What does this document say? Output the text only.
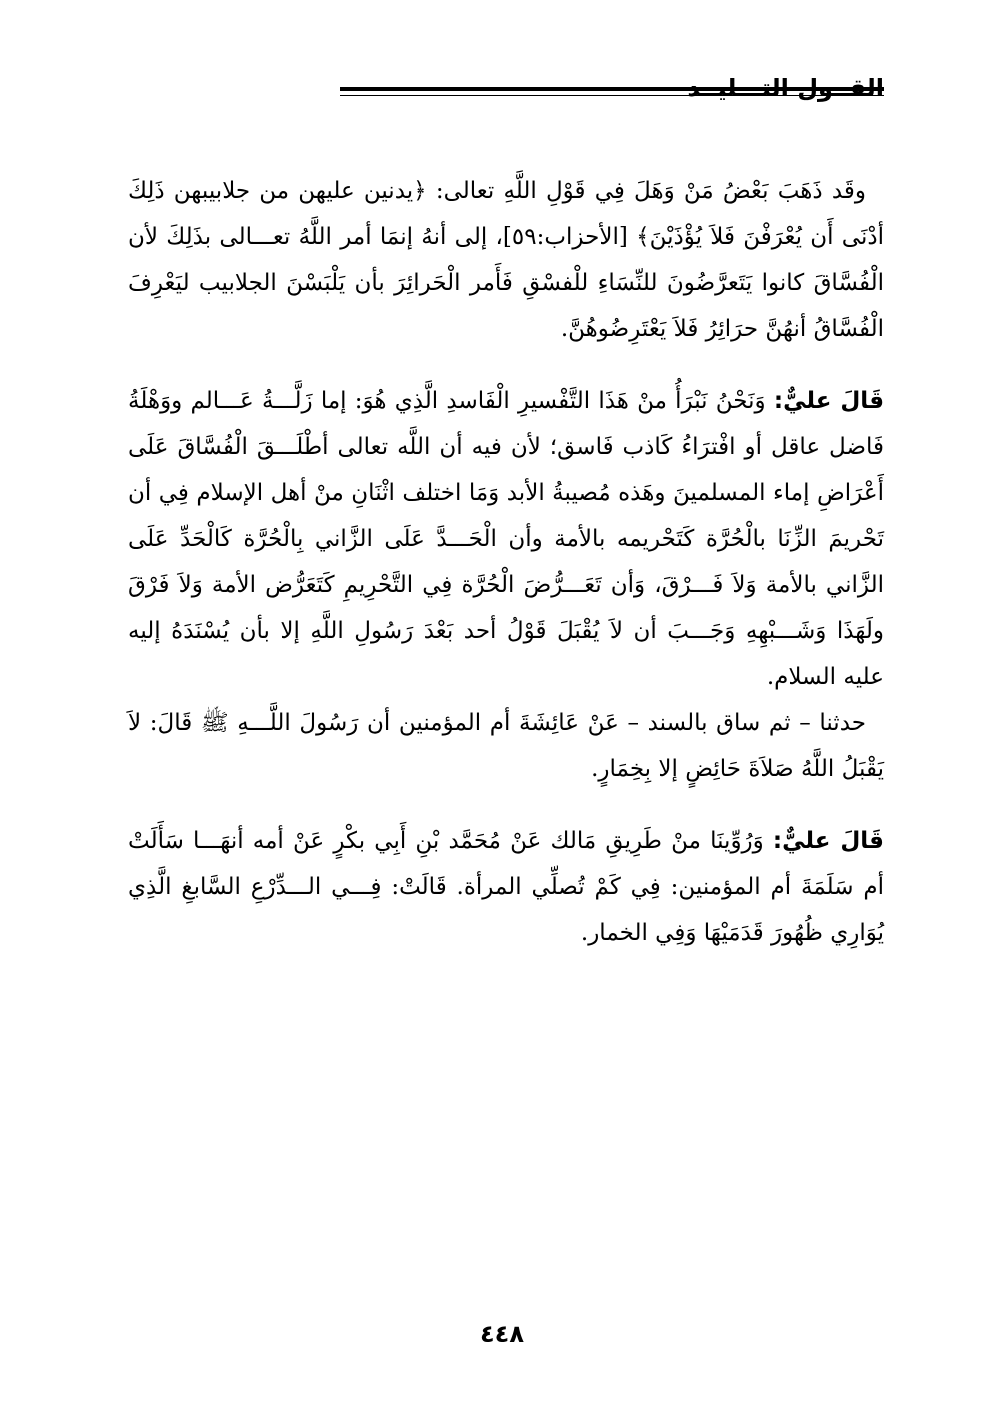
القــول التـــليــد

وقَد ذَهَبَ بَعْضُ مَنْ وَهَلَ فِي قَوْلِ اللَّهِ تعالى: ﴿يدنين عليهن من جلابيبهن ذَلِكَ أدْنَى أَن يُعْرَفْنَ فَلاَ يُؤْذَيْنَ﴾ [الأحزاب:٥٩]، إلى أنهُ إنمَا أمر اللَّهُ تعـــالى بذَلِكَ لأن الْفُسَّاقَ كانوا يَتَعرَّضُونَ للنِّسَاءِ للْفسْقِ فَأَمر الْحَرائِرَ بأن يَلْبَسْنَ الجلابيب ليَعْرِفَ الْفُسَّاقُ أنهُنَّ حرَائِرُ فَلاَ يَعْتَرِضُوهُنَّ.

قَالَ عليٌّ: وَنَحْنُ نَبْرَأُ منْ هَذَا التَّفْسيرِ الْفَاسدِ الَّذِي هُوَ: إما زَلَّـــةُ عَـــالم ووَهْلَةُ فَاضل عاقل أو افْترَاءُ كَاذب فَاسق؛ لأن فيه أن اللَّه تعالى أطْلَـــقَ الْفُسَّاقَ عَلَى أَعْرَاضِ إماء المسلمينَ وهَذه مُصيبةُ الأبد وَمَا اختلف اثْنَانِ منْ أهل الإسلام فِي أن تَحْريمَ الزِّنَا بالْحُرَّة كَتَحْريمه بالأمة وأن الْحَـــدَّ عَلَى الزَّاني بِالْحُرَّة كَالْحَدِّ عَلَى الزَّاني بالأمة وَلاَ فَـــرْقَ، وَأن تَعَـــرُّضَ الْحُرَّة فِي التَّحْرِيمِ كَتَعَرُّض الأمة وَلاَ فَرْقَ ولَهَذَا وَشَـــبْهِهِ وَجَـــبَ أن لاَ يُقْبَلَ قَوْلُ أحد بَعْدَ رَسُولِ اللَّهِ إلا بأن يُسْنَدَهُ إليه عليه السلام.

حدثنا – ثم ساق بالسند – عَنْ عَائِشَةَ أم المؤمنين أن رَسُولَ اللَّـــهِ ﷺ قَالَ: لاَ يَقْبَلُ اللَّهُ صَلاَةَ حَائِضٍ إلا بِخِمَارٍ.

قَالَ عليٌّ: وَرُوِّينَا منْ طَرِيقِ مَالك عَنْ مُحَمَّد بْنِ أَبِي بكْرٍ عَنْ أمه أنهَـــا سَأَلَتْ أم سَلَمَةَ أم المؤمنين: فِي كَمْ تُصلِّي المرأة. قَالَتْ: فِـــي الـــدِّرْعِ السَّابغِ الَّذِي يُوَارِي ظُهُورَ قَدَمَيْهَا وَفِي الخمار.

٤٤٨
